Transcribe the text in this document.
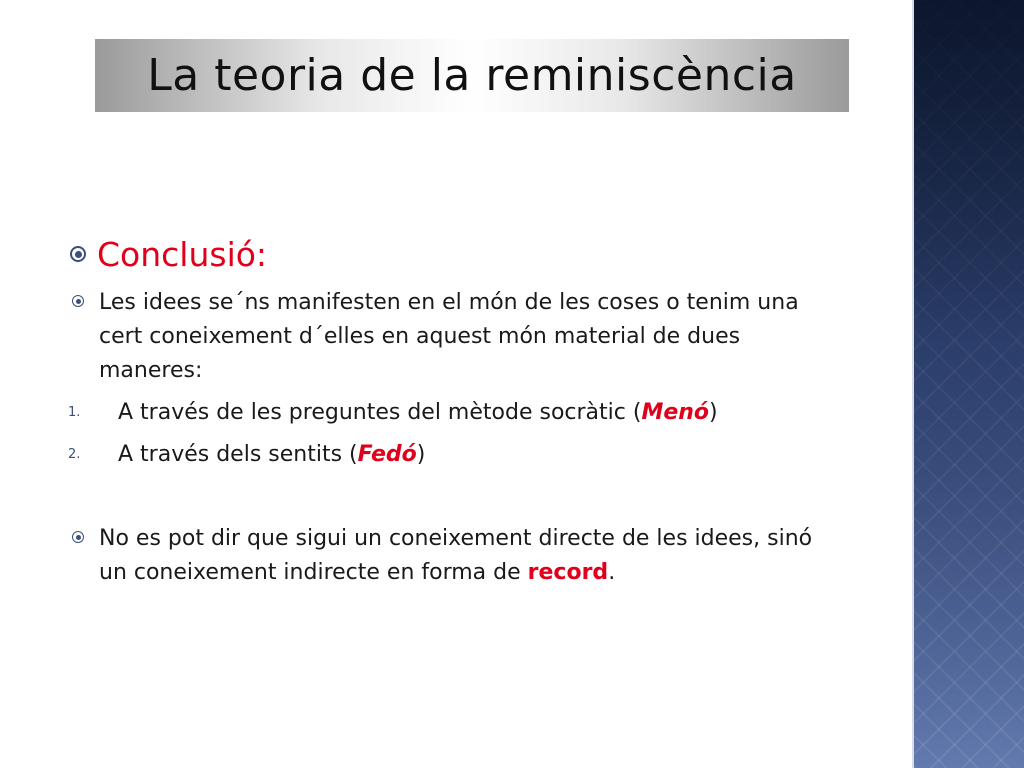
La teoria de la reminiscència
Conclusió:
Les idees se´ns manifesten en el món de les coses o tenim una cert coneixement d´elles en aquest món material de dues maneres:
1.	A través de les preguntes del mètode socràtic (Menó)
2.	A través dels sentits (Fedó)
No es pot dir que sigui un coneixement directe de les idees, sinó un coneixement indirecte en forma de record.
